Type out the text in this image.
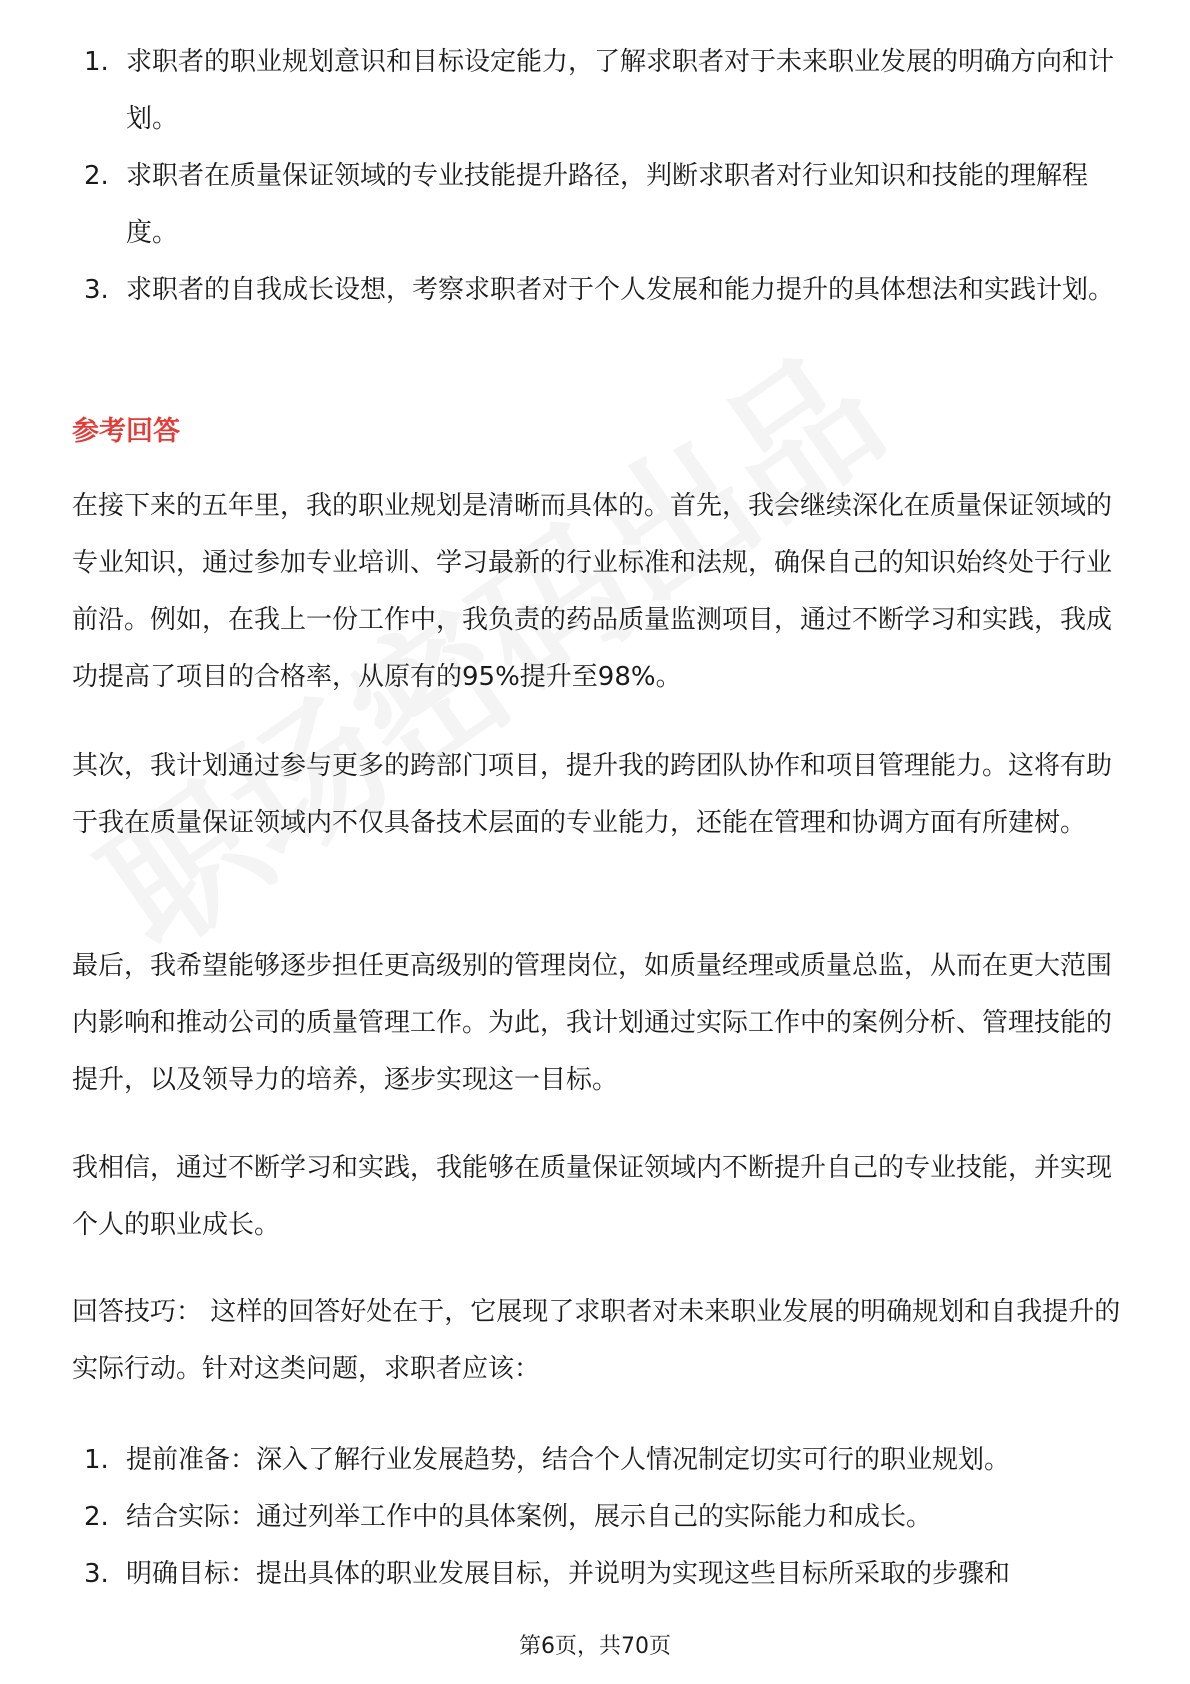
1. 求职者的职业规划意识和目标设定能力，了解求职者对于未来职业发展的明确方向和计划。
2. 求职者在质量保证领域的专业技能提升路径，判断求职者对行业知识和技能的理解程度。
3. 求职者的自我成长设想，考察求职者对于个人发展和能力提升的具体想法和实践计划。
参考回答

在接下来的五年里，我的职业规划是清晰而具体的。首先，我会继续深化在质量保证领域的专业知识，通过参加专业培训、学习最新的行业标准和法规，确保自己的知识始终处于行业前沿。例如，在我上一份工作中，我负责的药品质量监测项目，通过不断学习和实践，我成功提高了项目的合格率，从原有的95%提升至98%。

其次，我计划通过参与更多的跨部门项目，提升我的跨团队协作和项目管理能力。这将有助于我在质量保证领域内不仅具备技术层面的专业能力，还能在管理和协调方面有所建树。

最后，我希望能够逐步担任更高级别的管理岗位，如质量经理或质量总监，从而在更大范围内影响和推动公司的质量管理工作。为此，我计划通过实际工作中的案例分析、管理技能的提升，以及领导力的培养，逐步实现这一目标。

我相信，通过不断学习和实践，我能够在质量保证领域内不断提升自己的专业技能，并实现个人的职业成长。

回答技巧： 这样的回答好处在于，它展现了求职者对未来职业发展的明确规划和自我提升的实际行动。针对这类问题，求职者应该：

1. 提前准备：深入了解行业发展趋势，结合个人情况制定切实可行的职业规划。
2. 结合实际：通过列举工作中的具体案例，展示自己的实际能力和成长。
3. 明确目标：提出具体的职业发展目标，并说明为实现这些目标所采取的步骤和
第6页，共70页
